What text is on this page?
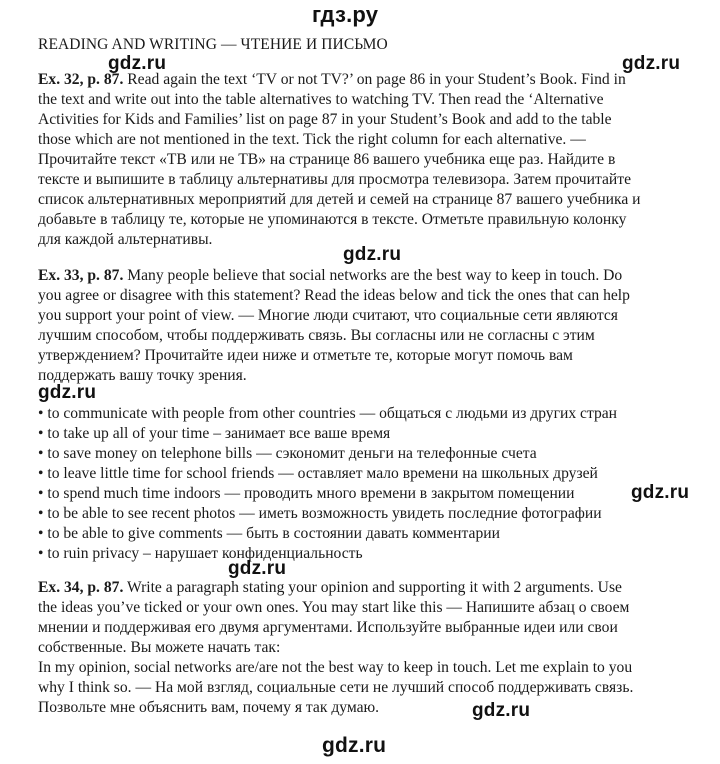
гдз.ру
READING AND WRITING — ЧТЕНИЕ И ПИСЬМО
gdz.ru	gdz.ru
Ex. 32, p. 87. Read again the text ‘TV or not TV?’ on page 86 in your Student’s Book. Find in
the text and write out into the table alternatives to watching TV. Then read the ‘Alternative
Activities for Kids and Families’ list on page 87 in your Student’s Book and add to the table
those which are not mentioned in the text. Tick the right column for each alternative. —
Прочитайте текст «ТВ или не ТВ» на странице 86 вашего учебника еще раз. Найдите в
тексте и выпишите в таблицу альтернативы для просмотра телевизора. Затем прочитайте
список альтернативных мероприятий для детей и семей на странице 87 вашего учебника и
добавьте в таблицу те, которые не упоминаются в тексте. Отметьте правильную колонку
для каждой альтернативы.
gdz.ru
Ex. 33, p. 87. Many people believe that social networks are the best way to keep in touch. Do
you agree or disagree with this statement? Read the ideas below and tick the ones that can help
you support your point of view. — Многие люди считают, что социальные сети являются
лучшим способом, чтобы поддерживать связь. Вы согласны или не согласны с этим
утверждением? Прочитайте идеи ниже и отметьте те, которые могут помочь вам
поддержать вашу точку зрения.
gdz.ru
• to communicate with people from other countries — общаться с людьми из других стран
• to take up all of your time – занимает все ваше время
• to save money on telephone bills — сэкономит деньги на телефонные счета
• to leave little time for school friends — оставляет мало времени на школьных друзей
• to spend much time indoors — проводить много времени в закрытом помещении
• to be able to see recent photos — иметь возможность увидеть последние фотографии
• to be able to give comments — быть в состоянии давать комментарии
• to ruin privacy – нарушает конфиденциальность
gdz.ru
gdz.ru
Ex. 34, p. 87. Write a paragraph stating your opinion and supporting it with 2 arguments. Use
the ideas you’ve ticked or your own ones. You may start like this — Напишите абзац о своем
мнении и поддерживая его двумя аргументами. Используйте выбранные идеи или свои
собственные. Вы можете начать так:
In my opinion, social networks are/are not the best way to keep in touch. Let me explain to you
why I think so. — На мой взгляд, социальные сети не лучший способ поддерживать связь.
Позвольте мне объяснить вам, почему я так думаю.	gdz.ru
gdz.ru
